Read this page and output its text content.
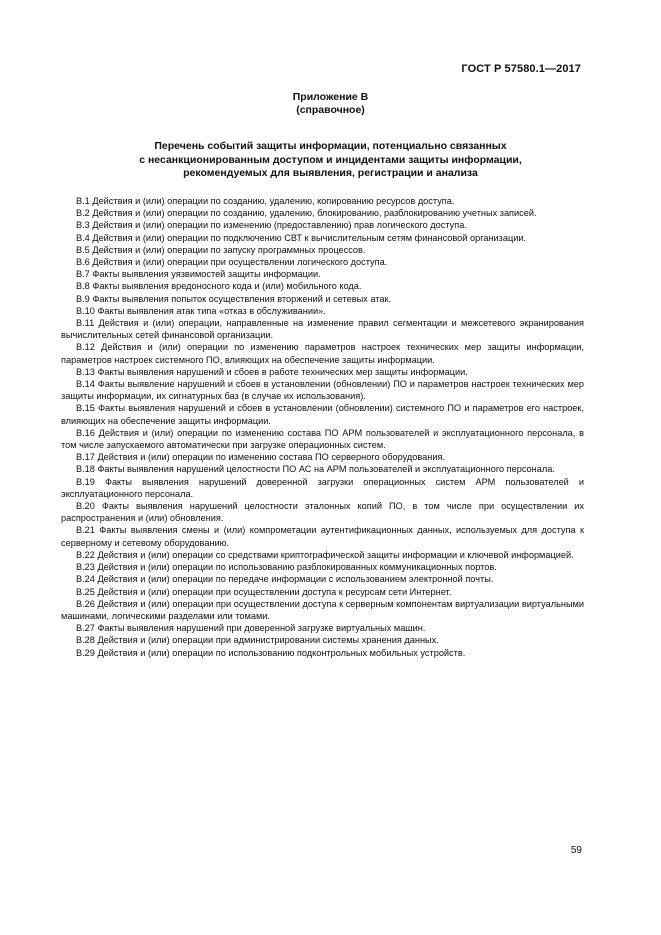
ГОСТ Р 57580.1—2017
Приложение В
(справочное)
Перечень событий защиты информации, потенциально связанных
с несанкционированным доступом и инцидентами защиты информации,
рекомендуемых для выявления, регистрации и анализа

В.1 Действия и (или) операции по созданию, удалению, копированию ресурсов доступа.

В.2 Действия и (или) операции по созданию, удалению, блокированию, разблокированию учетных записей.

В.3 Действия и (или) операции по изменению (предоставлению) прав логического доступа.

В.4 Действия и (или) операции по подключению СВТ к вычислительным сетям финансовой организации.

В.5 Действия и (или) операции по запуску программных процессов.

В.6 Действия и (или) операции при осуществлении логического доступа.

В.7 Факты выявления уязвимостей защиты информации.

В.8 Факты выявления вредоносного кода и (или) мобильного кода.

В.9 Факты выявления попыток осуществления вторжений и сетевых атак.

В.10 Факты выявления атак типа «отказ в обслуживании».

В.11 Действия и (или) операции, направленные на изменение правил сегментации и межсетевого экранирования вычислительных сетей финансовой организации.

В.12 Действия и (или) операции по изменению параметров настроек технических мер защиты информации, параметров настроек системного ПО, влияющих на обеспечение защиты информации.

В.13 Факты выявления нарушений и сбоев в работе технических мер защиты информации.

В.14 Факты выявление нарушений и сбоев в установлении (обновлении) ПО и параметров настроек технических мер защиты информации, их сигнатурных баз (в случае их использования).

В.15 Факты выявления нарушений и сбоев в установлении (обновлении) системного ПО и параметров его настроек, влияющих на обеспечение защиты информации.

В.16 Действия и (или) операции по изменению состава ПО АРМ пользователей и эксплуатационного персонала, в том числе запускаемого автоматически при загрузке операционных систем.

В.17 Действия и (или) операции по изменению состава ПО серверного оборудования.

В.18 Факты выявления нарушений целостности ПО АС на АРМ пользователей и эксплуатационного персонала.

В.19 Факты выявления нарушений доверенной загрузки операционных систем АРМ пользователей и эксплуатационного персонала.

В.20 Факты выявления нарушений целостности эталонных копий ПО, в том числе при осуществлении их распространения и (или) обновления.

В.21 Факты выявления смены и (или) компрометации аутентификационных данных, используемых для доступа к серверному и сетевому оборудованию.

В.22 Действия и (или) операции со средствами криптографической защиты информации и ключевой информацией.

В.23 Действия и (или) операции по использованию разблокированных коммуникационных портов.

В.24 Действия и (или) операции по передаче информации с использованием электронной почты.

В.25 Действия и (или) операции при осуществлении доступа к ресурсам сети Интернет.

В.26 Действия и (или) операции при осуществлении доступа к серверным компонентам виртуализации виртуальными машинами, логическими разделами или томами.

В.27 Факты выявления нарушений при доверенной загрузке виртуальных машин.

В.28 Действия и (или) операции при администрировании системы хранения данных.

В.29 Действия и (или) операции по использованию подконтрольных мобильных устройств.

59
